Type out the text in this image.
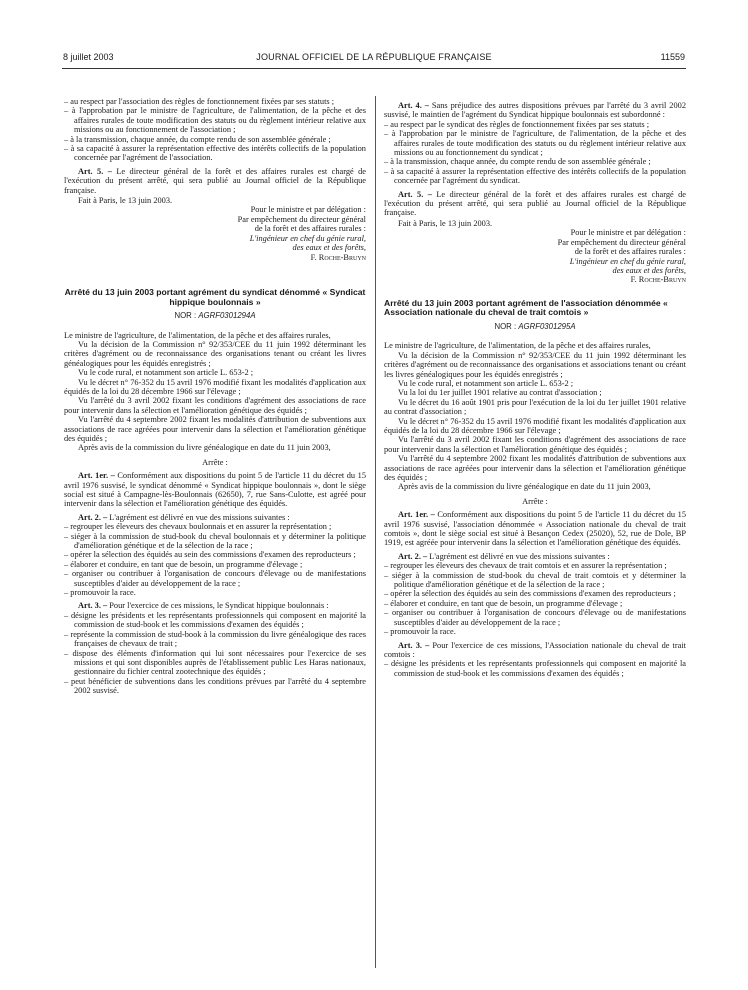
8 juillet 2003	JOURNAL OFFICIEL DE LA RÉPUBLIQUE FRANÇAISE	11559
– au respect par l'association des règles de fonctionnement fixées par ses statuts ;
– à l'approbation par le ministre de l'agriculture, de l'alimentation, de la pêche et des affaires rurales de toute modification des statuts ou du règlement intérieur relative aux missions ou au fonctionnement de l'association ;
– à la transmission, chaque année, du compte rendu de son assemblée générale ;
– à sa capacité à assurer la représentation effective des intérêts collectifs de la population concernée par l'agrément de l'association.

Art. 5. – Le directeur général de la forêt et des affaires rurales est chargé de l'exécution du présent arrêté, qui sera publié au Journal officiel de la République française.

Fait à Paris, le 13 juin 2003.

Pour le ministre et par délégation :
Par empêchement du directeur général
de la forêt et des affaires rurales :
L'ingénieur en chef du génie rural,
des eaux et des forêts,
F. Roche-Bruyn

Arrêté du 13 juin 2003 portant agrément du syndicat dénommé « Syndicat hippique boulonnais »

NOR : AGRF0301294A

Le ministre de l'agriculture, de l'alimentation, de la pêche et des affaires rurales,

Vu la décision de la Commission n° 92/353/CEE du 11 juin 1992 déterminant les critères d'agrément ou de reconnaissance des organisations tenant ou créant les livres généalogiques pour les équidés enregistrés ;

Vu le code rural, et notamment son article L. 653-2 ;

Vu le décret n° 76-352 du 15 avril 1976 modifié fixant les modalités d'application aux équidés de la loi du 28 décembre 1966 sur l'élevage ;

Vu l'arrêté du 3 avril 2002 fixant les conditions d'agrément des associations de race pour intervenir dans la sélection et l'amélioration génétique des équidés ;

Vu l'arrêté du 4 septembre 2002 fixant les modalités d'attribution de subventions aux associations de race agréées pour intervenir dans la sélection et l'amélioration génétique des équidés ;

Après avis de la commission du livre généalogique en date du 11 juin 2003,

Arrête :

Art. 1er. – Conformément aux dispositions du point 5 de l'article 11 du décret du 15 avril 1976 susvisé, le syndicat dénommé « Syndicat hippique boulonnais », dont le siège social est situé à Campagne-lès-Boulonnais (62650), 7, rue Sans-Culotte, est agréé pour intervenir dans la sélection et l'amélioration génétique des équidés.

Art. 2. – L'agrément est délivré en vue des missions suivantes :

– regrouper les éleveurs des chevaux boulonnais et en assurer la représentation ;
– siéger à la commission de stud-book du cheval boulonnais et y déterminer la politique d'amélioration génétique et de la sélection de la race ;
– opérer la sélection des équidés au sein des commissions d'examen des reproducteurs ;
– élaborer et conduire, en tant que de besoin, un programme d'élevage ;
– organiser ou contribuer à l'organisation de concours d'élevage ou de manifestations susceptibles d'aider au développement de la race ;
– promouvoir la race.

Art. 3. – Pour l'exercice de ces missions, le Syndicat hippique boulonnais :

– désigne les présidents et les représentants professionnels qui composent en majorité la commission de stud-book et les commissions d'examen des équidés ;
– représente la commission de stud-book à la commission du livre généalogique des races françaises de chevaux de trait ;
– dispose des éléments d'information qui lui sont nécessaires pour l'exercice de ses missions et qui sont disponibles auprès de l'établissement public Les Haras nationaux, gestionnaire du fichier central zootechnique des équidés ;
– peut bénéficier de subventions dans les conditions prévues par l'arrêté du 4 septembre 2002 susvisé.

Art. 4. – Sans préjudice des autres dispositions prévues par l'arrêté du 3 avril 2002 susvisé, le maintien de l'agrément du Syndicat hippique boulonnais est subordonné :

– au respect par le syndicat des règles de fonctionnement fixées par ses statuts ;
– à l'approbation par le ministre de l'agriculture, de l'alimentation, de la pêche et des affaires rurales de toute modification des statuts ou du règlement intérieur relative aux missions ou au fonctionnement du syndicat ;
– à la transmission, chaque année, du compte rendu de son assemblée générale ;
– à sa capacité à assurer la représentation effective des intérêts collectifs de la population concernée par l'agrément du syndicat.

Art. 5. – Le directeur général de la forêt et des affaires rurales est chargé de l'exécution du présent arrêté, qui sera publié au Journal officiel de la République française.

Fait à Paris, le 13 juin 2003.

Pour le ministre et par délégation :
Par empêchement du directeur général
de la forêt et des affaires rurales :
L'ingénieur en chef du génie rural,
des eaux et des forêts,
F. Roche-Bruyn

Arrêté du 13 juin 2003 portant agrément de l'association dénommée « Association nationale du cheval de trait comtois »

NOR : AGRF0301295A

Le ministre de l'agriculture, de l'alimentation, de la pêche et des affaires rurales,

Vu la décision de la Commission n° 92/353/CEE du 11 juin 1992 déterminant les critères d'agrément ou de reconnaissance des organisations et associations tenant ou créant les livres généalogiques pour les équidés enregistrés ;

Vu le code rural, et notamment son article L. 653-2 ;

Vu la loi du 1er juillet 1901 relative au contrat d'association ;

Vu le décret du 16 août 1901 pris pour l'exécution de la loi du 1er juillet 1901 relative au contrat d'association ;

Vu le décret n° 76-352 du 15 avril 1976 modifié fixant les modalités d'application aux équidés de la loi du 28 décembre 1966 sur l'élevage ;

Vu l'arrêté du 3 avril 2002 fixant les conditions d'agrément des associations de race pour intervenir dans la sélection et l'amélioration génétique des équidés ;

Vu l'arrêté du 4 septembre 2002 fixant les modalités d'attribution de subventions aux associations de race agréées pour intervenir dans la sélection et l'amélioration génétique des équidés ;

Après avis de la commission du livre généalogique en date du 11 juin 2003,

Arrête :

Art. 1er. – Conformément aux dispositions du point 5 de l'article 11 du décret du 15 avril 1976 susvisé, l'association dénommée « Association nationale du cheval de trait comtois », dont le siège social est situé à Besançon Cedex (25020), 52, rue de Dole, BP 1919, est agréée pour intervenir dans la sélection et l'amélioration génétique des équidés.

Art. 2. – L'agrément est délivré en vue des missions suivantes :

– regrouper les éleveurs des chevaux de trait comtois et en assurer la représentation ;
– siéger à la commission de stud-book du cheval de trait comtois et y déterminer la politique d'amélioration génétique et de la sélection de la race ;
– opérer la sélection des équidés au sein des commissions d'examen des reproducteurs ;
– élaborer et conduire, en tant que de besoin, un programme d'élevage ;
– organiser ou contribuer à l'organisation de concours d'élevage ou de manifestations susceptibles d'aider au développement de la race ;
– promouvoir la race.

Art. 3. – Pour l'exercice de ces missions, l'Association nationale du cheval de trait comtois :

– désigne les présidents et les représentants professionnels qui composent en majorité la commission de stud-book et les commissions d'examen des équidés ;
